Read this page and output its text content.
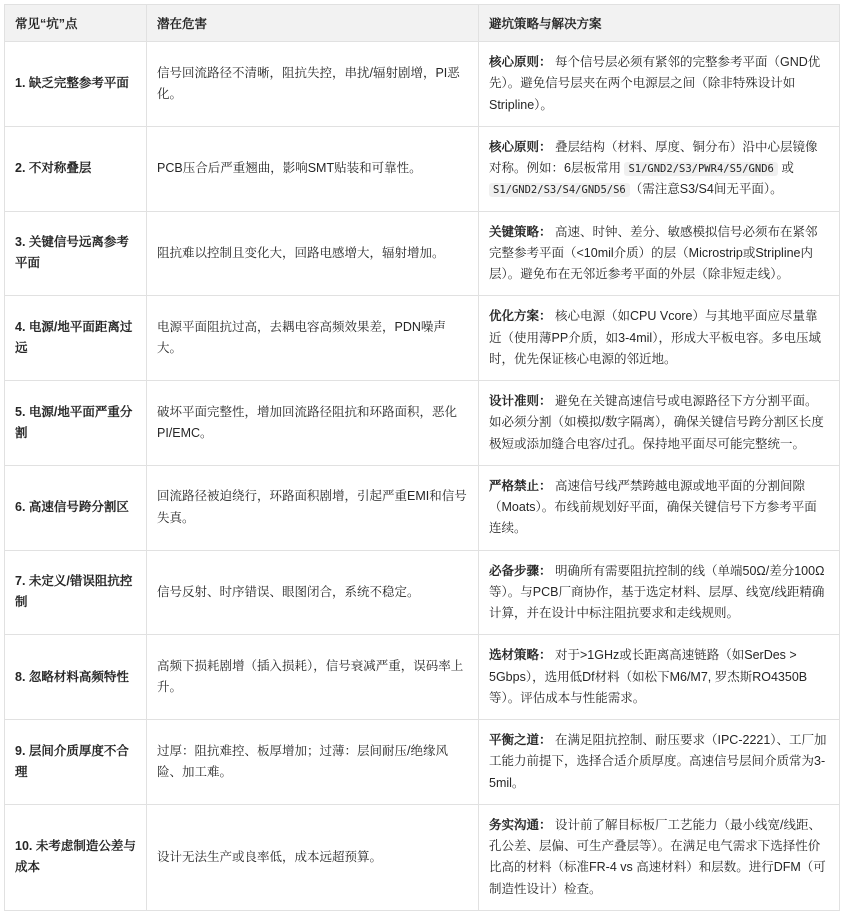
常见“坑”点	潜在危害	避坑策略与解决方案
1. 缺乏完整参考平面	信号回流路径不清晰，阻抗失控，串扰/辐射剧增，PI恶化。	核心原则： 每个信号层必须有紧邻的完整参考平面（GND优先）。避免信号层夹在两个电源层之间（除非特殊设计如 Stripline）。
2. 不对称叠层	PCB压合后严重翘曲，影响SMT贴装和可靠性。	核心原则： 叠层结构（材料、厚度、铜分布）沿中心层镜像对称。例如：6层板常用 S1/GND2/S3/PWR4/S5/GND6 或 S1/GND2/S3/S4/GND5/S6 （需注意S3/S4间无平面）。
3. 关键信号远离参考平面	阻抗难以控制且变化大，回路电感增大，辐射增加。	关键策略： 高速、时钟、差分、敏感模拟信号必须布在紧邻完整参考平面（<10mil介质）的层（Microstrip或Stripline内层）。避免布在无邻近参考平面的外层（除非短走线）。
4. 电源/地平面距离过远	电源平面阻抗过高，去耦电容高频效果差，PDN噪声大。	优化方案： 核心电源（如CPU Vcore）与其地平面应尽量靠近（使用薄PP介质，如3-4mil），形成大平板电容。多电压域时，优先保证核心电源的邻近地。
5. 电源/地平面严重分割	破坏平面完整性，增加回流路径阻抗和环路面积，恶化PI/EMC。	设计准则： 避免在关键高速信号或电源路径下方分割平面。如必须分割（如模拟/数字隔离），确保关键信号跨分割区长度极短或添加缝合电容/过孔。保持地平面尽可能完整统一。
6. 高速信号跨分割区	回流路径被迫绕行，环路面积剧增，引起严重EMI和信号失真。	严格禁止： 高速信号线严禁跨越电源或地平面的分割间隙（Moats）。布线前规划好平面，确保关键信号下方参考平面连续。
7. 未定义/错误阻抗控制	信号反射、时序错误、眼图闭合，系统不稳定。	必备步骤： 明确所有需要阻抗控制的线（单端50Ω/差分100Ω等）。与PCB厂商协作，基于选定材料、层厚、线宽/线距精确计算，并在设计中标注阻抗要求和走线规则。
8. 忽略材料高频特性	高频下损耗剧增（插入损耗），信号衰减严重，误码率上升。	选材策略： 对于>1GHz或长距离高速链路（如SerDes > 5Gbps），选用低Df材料（如松下M6/M7, 罗杰斯RO4350B等）。评估成本与性能需求。
9. 层间介质厚度不合理	过厚：阻抗难控、板厚增加；过薄：层间耐压/绝缘风险、加工难。	平衡之道： 在满足阻抗控制、耐压要求（IPC-2221）、工厂加工能力前提下，选择合适介质厚度。高速信号层间介质常为3-5mil。
10. 未考虑制造公差与成本	设计无法生产或良率低，成本远超预算。	务实沟通： 设计前了解目标板厂工艺能力（最小线宽/线距、孔公差、层偏、可生产叠层等）。在满足电气需求下选择性价比高的材料（标准FR-4 vs 高速材料）和层数。进行DFM（可制造性设计）检查。
